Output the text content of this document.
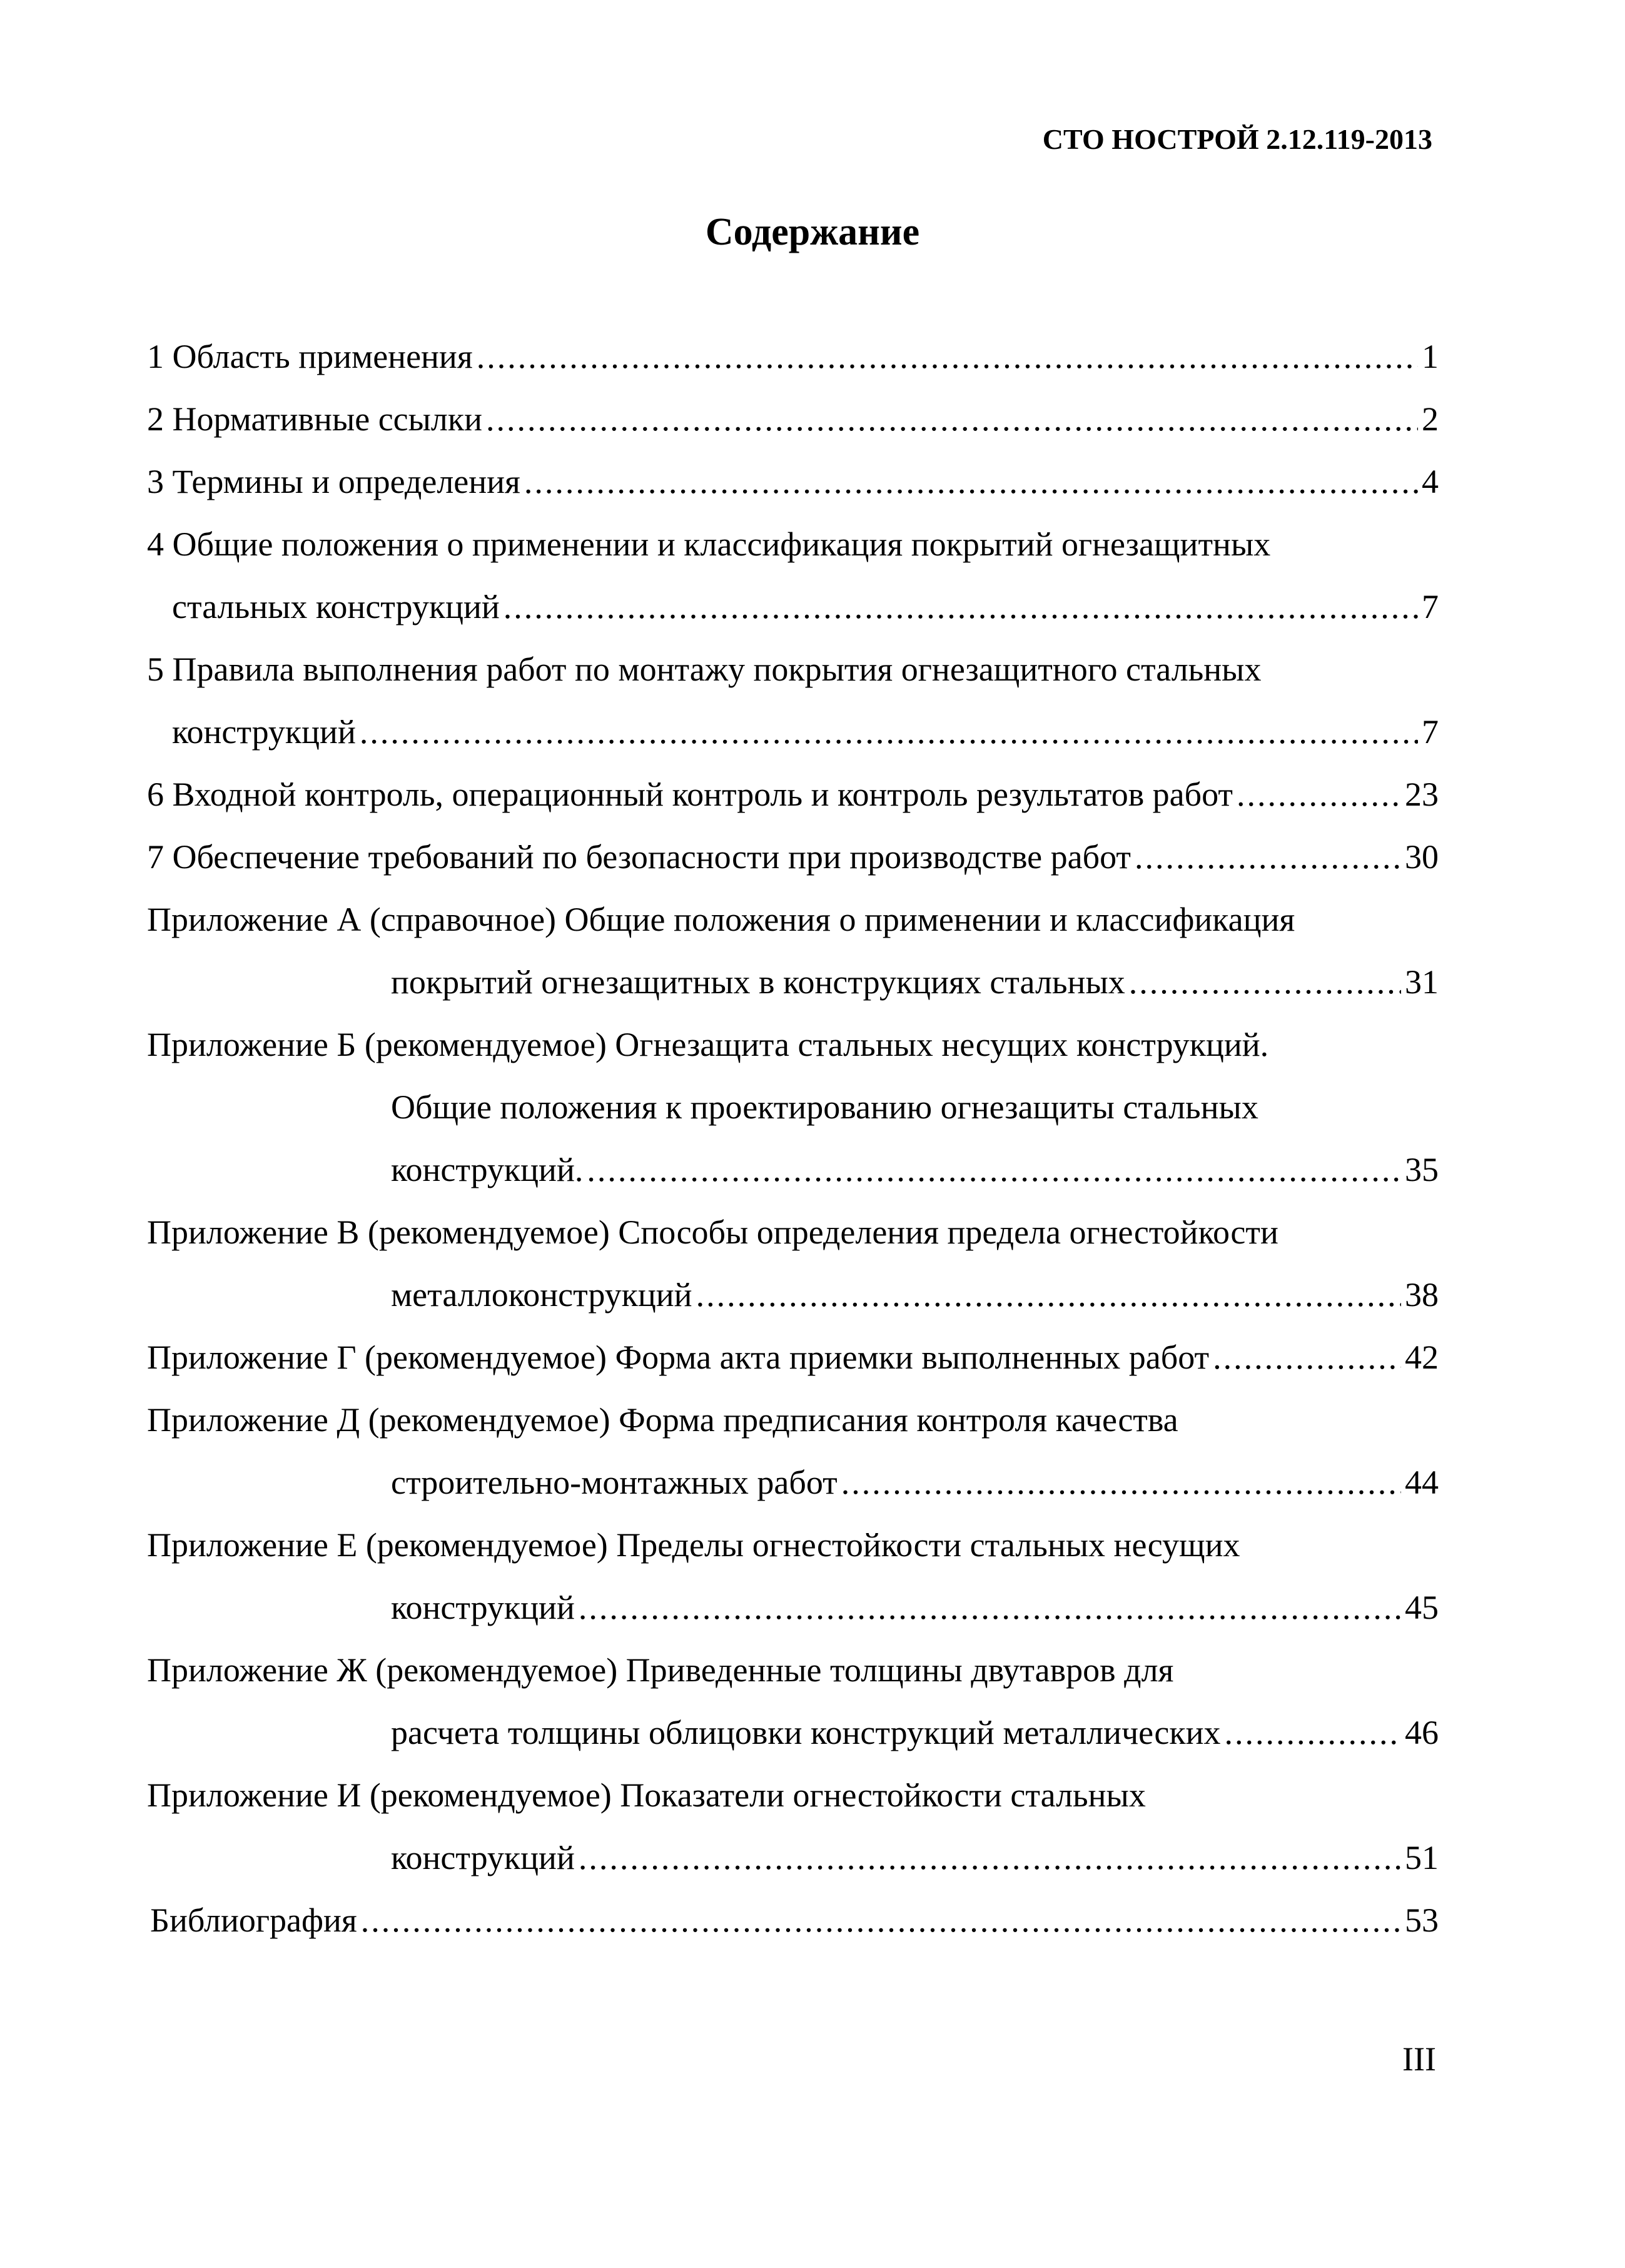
СТО НОСТРОЙ 2.12.119-2013
Содержание
1 Область применения .....	1
2 Нормативные ссылки .....	2
3 Термины и определения .....	4
4 Общие положения о применении и классификация покрытий огнезащитных
стальных конструкций .....	7
5 Правила выполнения работ по монтажу покрытия огнезащитного стальных
конструкций .....	7
6 Входной контроль, операционный контроль и контроль результатов работ .....	23
7 Обеспечение требований по безопасности при производстве работ .....	30
Приложение А (справочное) Общие положения о применении и классификация
покрытий огнезащитных в конструкциях стальных .....	31
Приложение Б (рекомендуемое) Огнезащита стальных несущих конструкций.
Общие положения к проектированию огнезащиты стальных
конструкций. .....	35
Приложение В (рекомендуемое) Способы определения предела огнестойкости
металлоконструкций .....	38
Приложение Г (рекомендуемое) Форма акта приемки выполненных работ .....	42
Приложение Д (рекомендуемое) Форма предписания контроля качества
строительно-монтажных работ .....	44
Приложение Е (рекомендуемое) Пределы огнестойкости стальных несущих
конструкций .....	45
Приложение Ж (рекомендуемое) Приведенные толщины двутавров для
расчета толщины облицовки конструкций металлических .....	46
Приложение И (рекомендуемое) Показатели огнестойкости стальных
конструкций .....	51
Библиография .....	53
III
